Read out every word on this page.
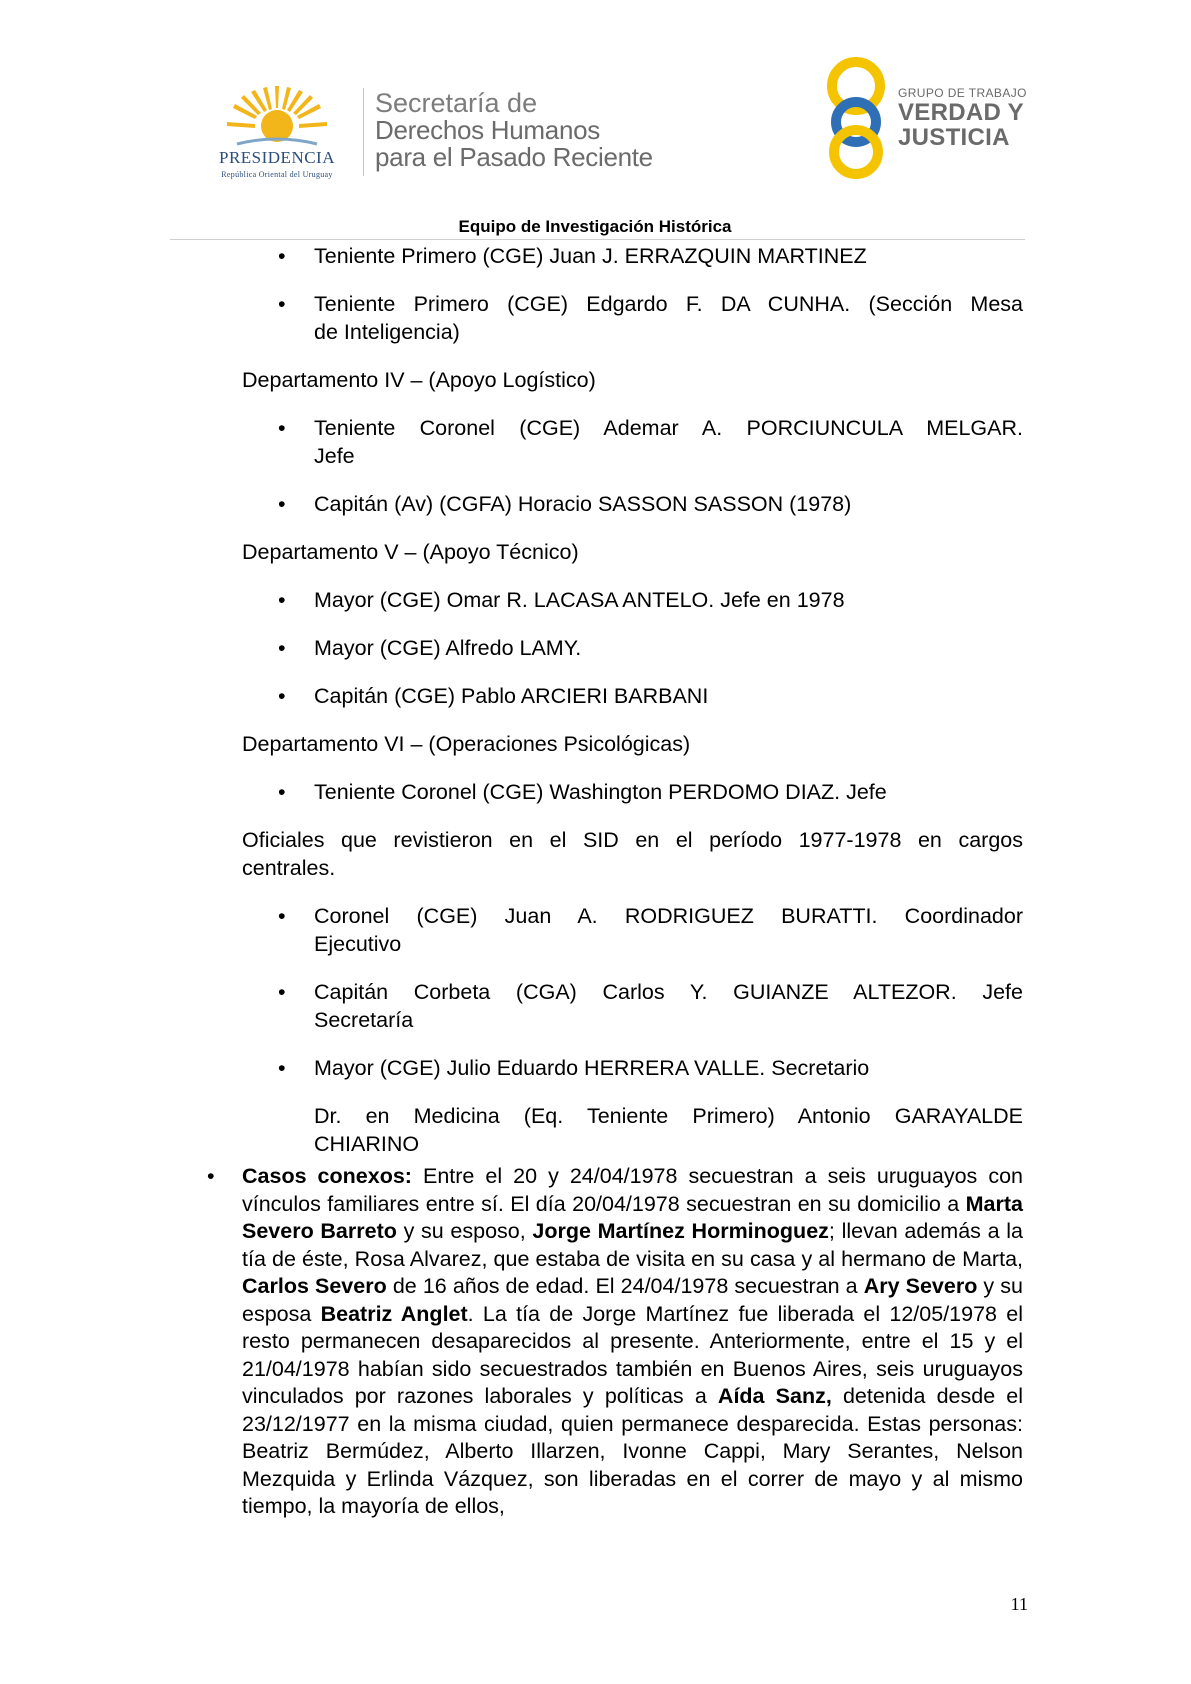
PRESIDENCIA
República Oriental del Uruguay
Secretaría de
Derechos Humanos
para el Pasado Reciente
GRUPO DE TRABAJO
VERDAD Y
JUSTICIA
Equipo de Investigación Histórica
• Teniente Primero (CGE) Juan J. ERRAZQUIN MARTINEZ
• Teniente Primero (CGE) Edgardo F. DA CUNHA. (Sección Mesa
de Inteligencia)
Departamento IV – (Apoyo Logístico)
• Teniente Coronel (CGE) Ademar A. PORCIUNCULA MELGAR.
Jefe
• Capitán (Av) (CGFA) Horacio SASSON SASSON (1978)
Departamento V – (Apoyo Técnico)
• Mayor (CGE) Omar R. LACASA ANTELO. Jefe en 1978
• Mayor (CGE) Alfredo LAMY.
• Capitán (CGE) Pablo ARCIERI BARBANI
Departamento VI – (Operaciones Psicológicas)
• Teniente Coronel (CGE) Washington PERDOMO DIAZ. Jefe
Oficiales que revistieron en el SID en el período 1977-1978 en cargos
centrales.
• Coronel (CGE) Juan A. RODRIGUEZ BURATTI. Coordinador
Ejecutivo
• Capitán Corbeta (CGA) Carlos Y. GUIANZE ALTEZOR. Jefe
Secretaría
• Mayor (CGE) Julio Eduardo HERRERA VALLE. Secretario
Dr. en Medicina (Eq. Teniente Primero) Antonio GARAYALDE
CHIARINO
• Casos conexos: Entre el 20 y 24/04/1978 secuestran a seis uruguayos con vínculos familiares entre sí. El día 20/04/1978 secuestran en su domicilio a Marta Severo Barreto y su esposo, Jorge Martínez Horminoguez; llevan además a la tía de éste, Rosa Alvarez, que estaba de visita en su casa y al hermano de Marta, Carlos Severo de 16 años de edad. El 24/04/1978 secuestran a Ary Severo y su esposa Beatriz Anglet. La tía de Jorge Martínez fue liberada el 12/05/1978 el resto permanecen desaparecidos al presente. Anteriormente, entre el 15 y el 21/04/1978 habían sido secuestrados también en Buenos Aires, seis uruguayos vinculados por razones laborales y políticas a Aída Sanz, detenida desde el 23/12/1977 en la misma ciudad, quien permanece desparecida. Estas personas: Beatriz Bermúdez, Alberto Illarzen, Ivonne Cappi, Mary Serantes, Nelson Mezquida y Erlinda Vázquez, son liberadas en el correr de mayo y al mismo tiempo, la mayoría de ellos,
11
